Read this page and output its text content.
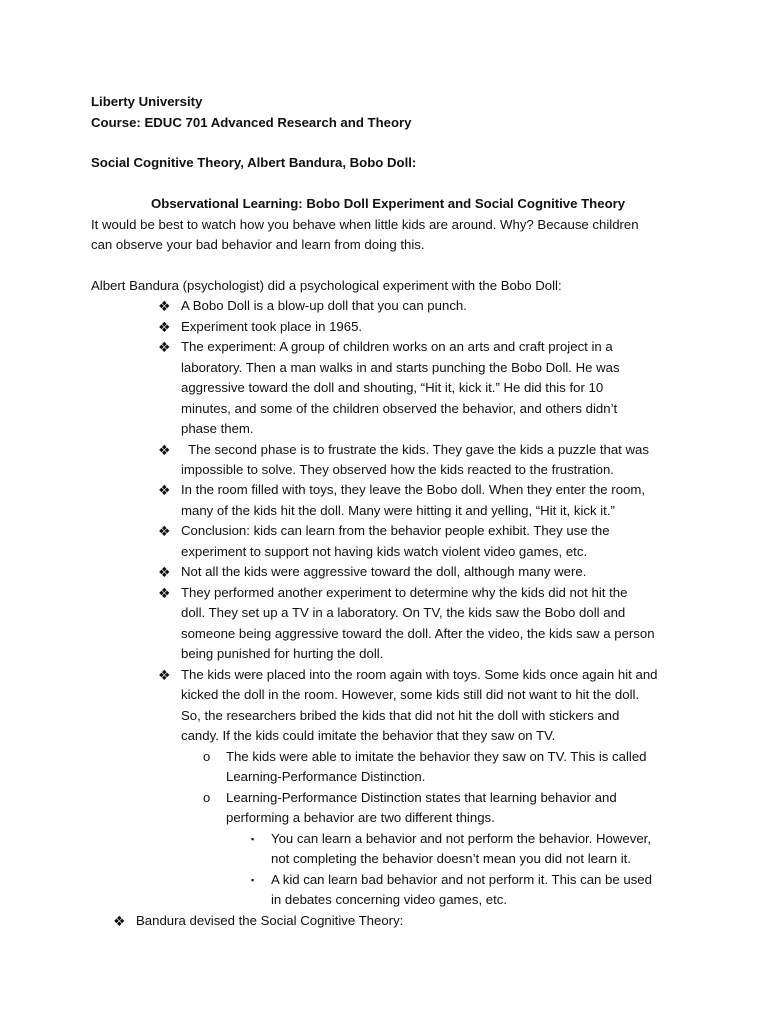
Liberty University
Course: EDUC 701 Advanced Research and Theory
Social Cognitive Theory, Albert Bandura, Bobo Doll:
Observational Learning: Bobo Doll Experiment and Social Cognitive Theory
It would be best to watch how you behave when little kids are around. Why? Because children
can observe your bad behavior and learn from doing this.
Albert Bandura (psychologist) did a psychological experiment with the Bobo Doll:
❖ A Bobo Doll is a blow-up doll that you can punch.
❖ Experiment took place in 1965.
❖ The experiment: A group of children works on an arts and craft project in a
laboratory. Then a man walks in and starts punching the Bobo Doll. He was
aggressive toward the doll and shouting, “Hit it, kick it.” He did this for 10
minutes, and some of the children observed the behavior, and others didn’t
phase them.
❖ The second phase is to frustrate the kids. They gave the kids a puzzle that was
impossible to solve. They observed how the kids reacted to the frustration.
❖ In the room filled with toys, they leave the Bobo doll. When they enter the room,
many of the kids hit the doll. Many were hitting it and yelling, “Hit it, kick it.”
❖ Conclusion: kids can learn from the behavior people exhibit. They use the
experiment to support not having kids watch violent video games, etc.
❖ Not all the kids were aggressive toward the doll, although many were.
❖ They performed another experiment to determine why the kids did not hit the
doll. They set up a TV in a laboratory. On TV, the kids saw the Bobo doll and
someone being aggressive toward the doll. After the video, the kids saw a person
being punished for hurting the doll.
❖ The kids were placed into the room again with toys. Some kids once again hit and
kicked the doll in the room. However, some kids still did not want to hit the doll.
So, the researchers bribed the kids that did not hit the doll with stickers and
candy. If the kids could imitate the behavior that they saw on TV.
o The kids were able to imitate the behavior they saw on TV. This is called
Learning-Performance Distinction.
o Learning-Performance Distinction states that learning behavior and
performing a behavior are two different things.
▪ You can learn a behavior and not perform the behavior. However,
not completing the behavior doesn’t mean you did not learn it.
▪ A kid can learn bad behavior and not perform it. This can be used
in debates concerning video games, etc.
❖ Bandura devised the Social Cognitive Theory:
